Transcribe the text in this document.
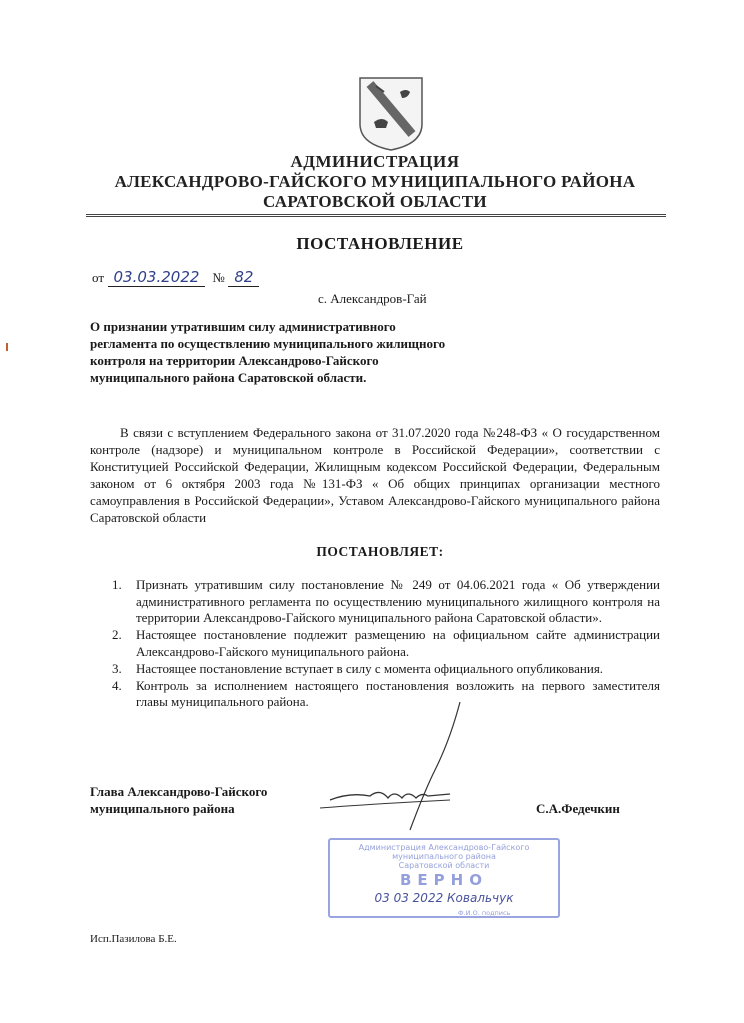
АДМИНИСТРАЦИЯ
АЛЕКСАНДРОВО-ГАЙСКОГО МУНИЦИПАЛЬНОГО РАЙОНА
САРАТОВСКОЙ ОБЛАСТИ
ПОСТАНОВЛЕНИЕ
от 03.03.2022 № 82
с. Александров-Гай
О признании утратившим силу административного регламента по осуществлению муниципального жилищного контроля на территории Александрово-Гайского муниципального района Саратовской области.
В связи с вступлением Федерального закона от 31.07.2020 года №248-ФЗ « О государственном контроле (надзоре) и муниципальном контроле в Российской Федерации», соответствии с Конституцией Российской Федерации, Жилищным кодексом Российской Федерации, Федеральным законом от 6 октября 2003 года №131-ФЗ « Об общих принципах организации местного самоуправления в Российской Федерации», Уставом Александрово-Гайского муниципального района Саратовской области
ПОСТАНОВЛЯЕТ:
1. Признать утратившим силу постановление № 249 от 04.06.2021 года « Об утверждении административного регламента по осуществлению муниципального жилищного контроля на территории Александрово-Гайского муниципального района Саратовской области».
2. Настоящее постановление подлежит размещению на официальном сайте администрации Александрово-Гайского муниципального района.
3. Настоящее постановление вступает в силу с момента официального опубликования.
4. Контроль за исполнением настоящего постановления возложить на первого заместителя главы муниципального района.
Глава Александрово-Гайского
муниципального района	С.А.Федечкин
Администрация Александрово-Гайского
муниципального района
Саратовской области
ВЕРНО
03 03 2022 Ковальчук
Ф.И.О. подпись
Исп.Пазилова Б.Е.
